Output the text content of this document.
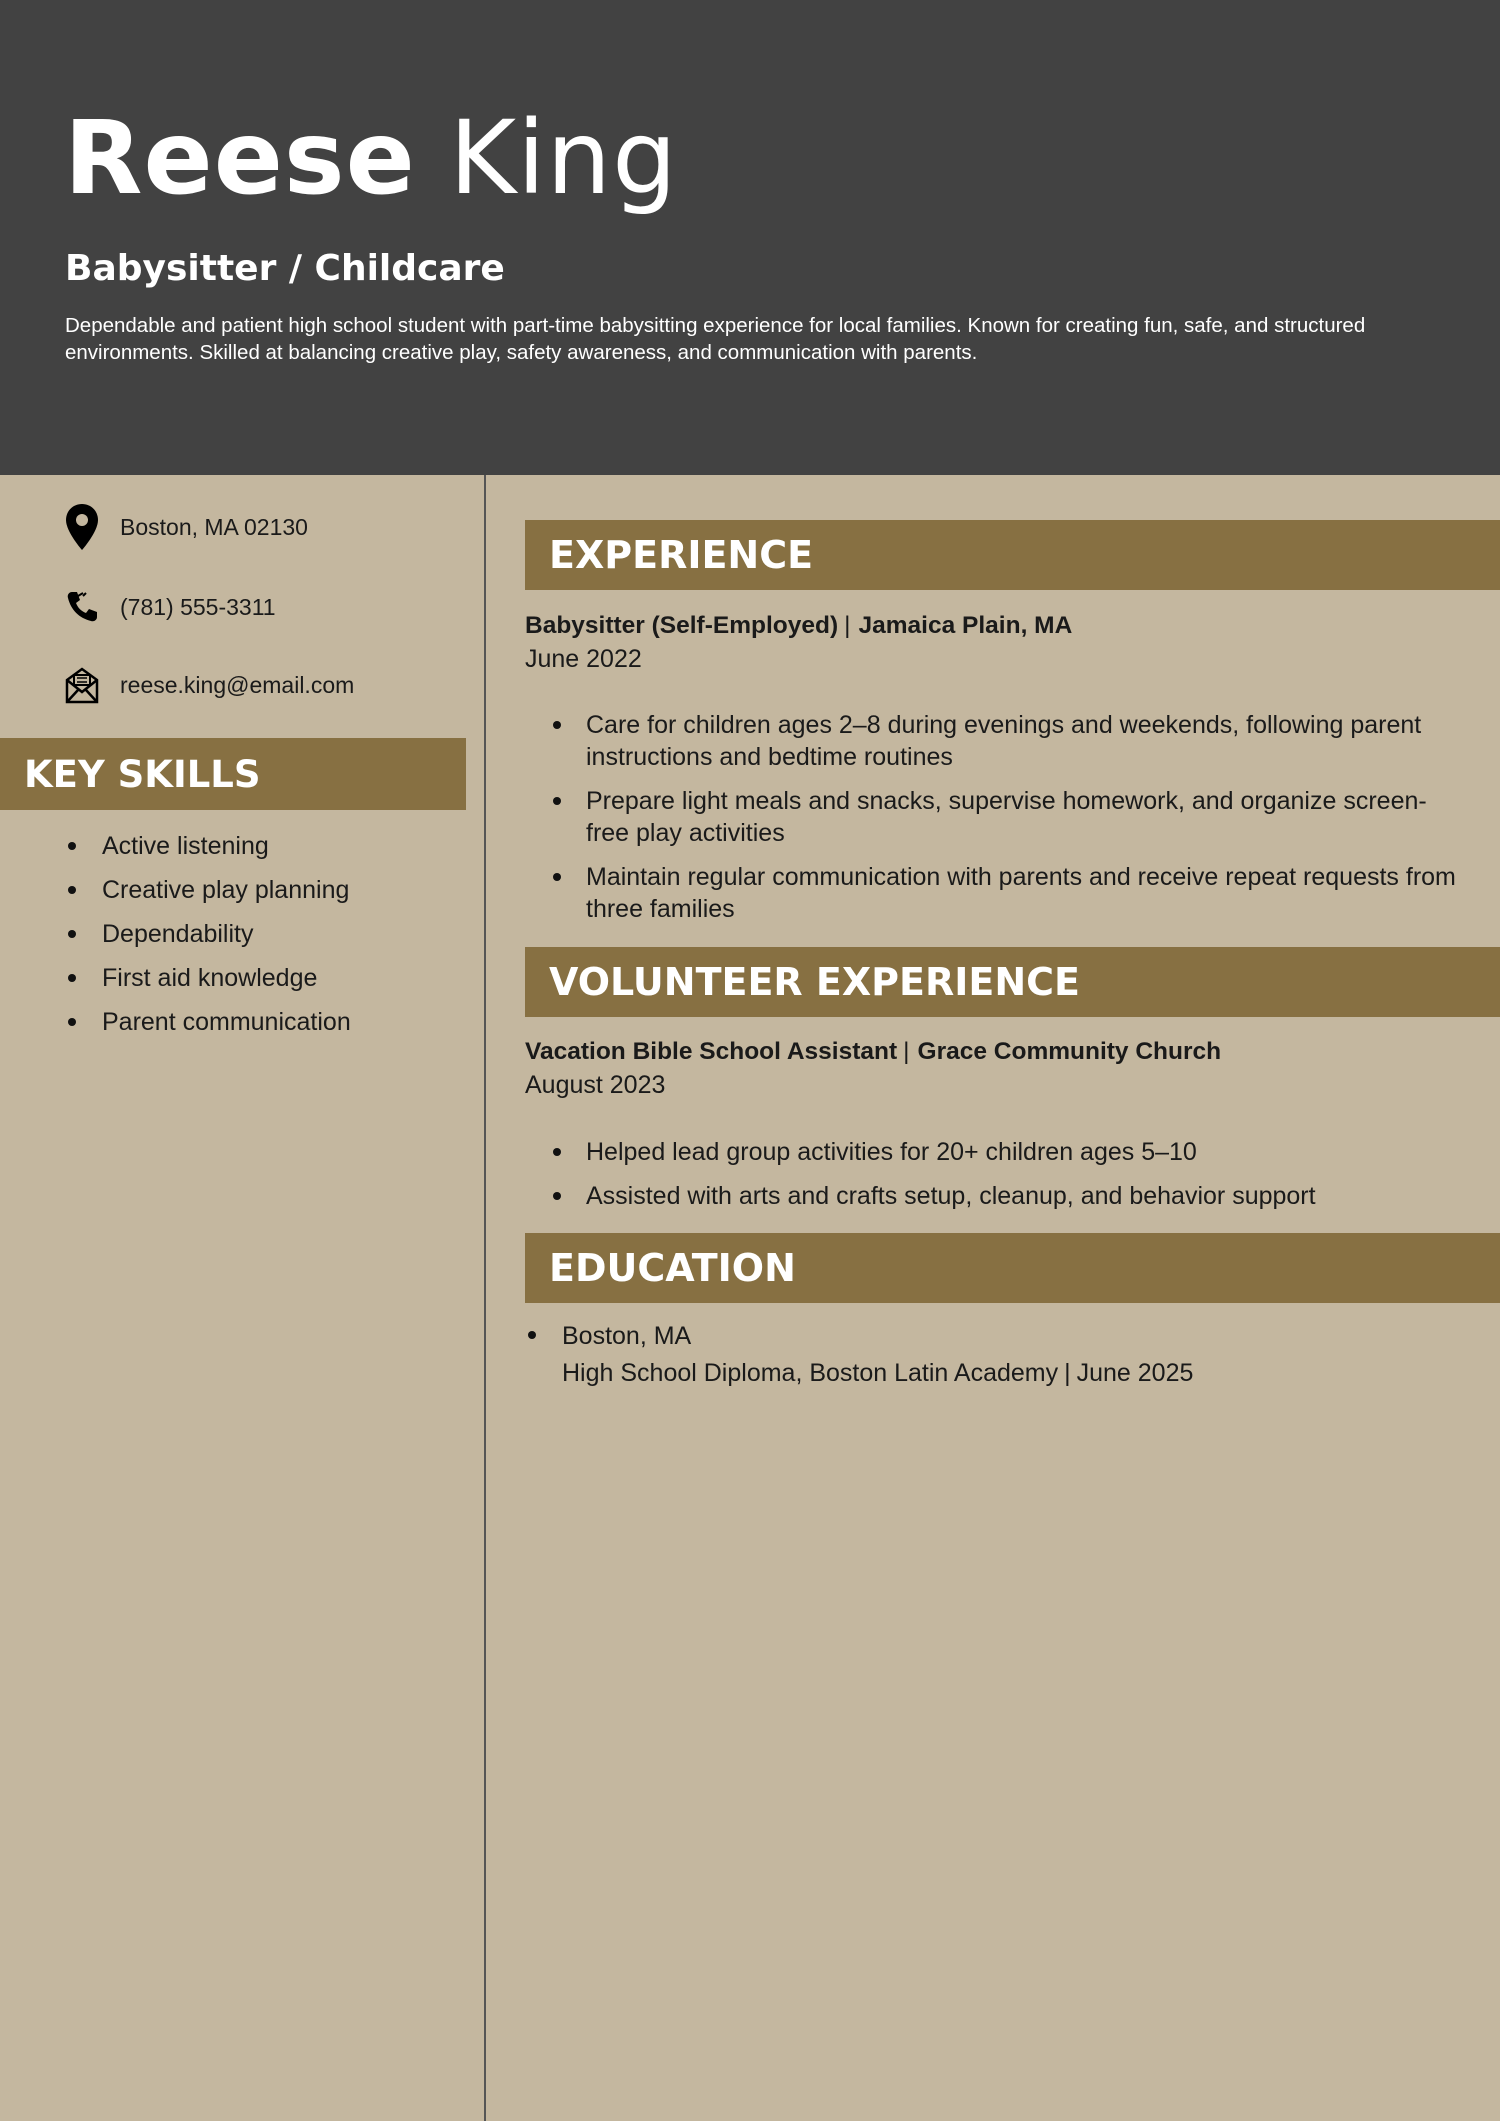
Reese King
Babysitter / Childcare
Dependable and patient high school student with part-time babysitting experience for local families. Known for creating fun, safe, and structured environments. Skilled at balancing creative play, safety awareness, and communication with parents.
Boston, MA 02130
(781) 555-3311
reese.king@email.com
KEY SKILLS
Active listening
Creative play planning
Dependability
First aid knowledge
Parent communication
EXPERIENCE
Babysitter (Self-Employed) | Jamaica Plain, MA
June 2022
Care for children ages 2–8 during evenings and weekends, following parent instructions and bedtime routines
Prepare light meals and snacks, supervise homework, and organize screen-free play activities
Maintain regular communication with parents and receive repeat requests from three families
VOLUNTEER EXPERIENCE
Vacation Bible School Assistant | Grace Community Church
August 2023
Helped lead group activities for 20+ children ages 5–10
Assisted with arts and crafts setup, cleanup, and behavior support
EDUCATION
Boston, MA
High School Diploma, Boston Latin Academy | June 2025
